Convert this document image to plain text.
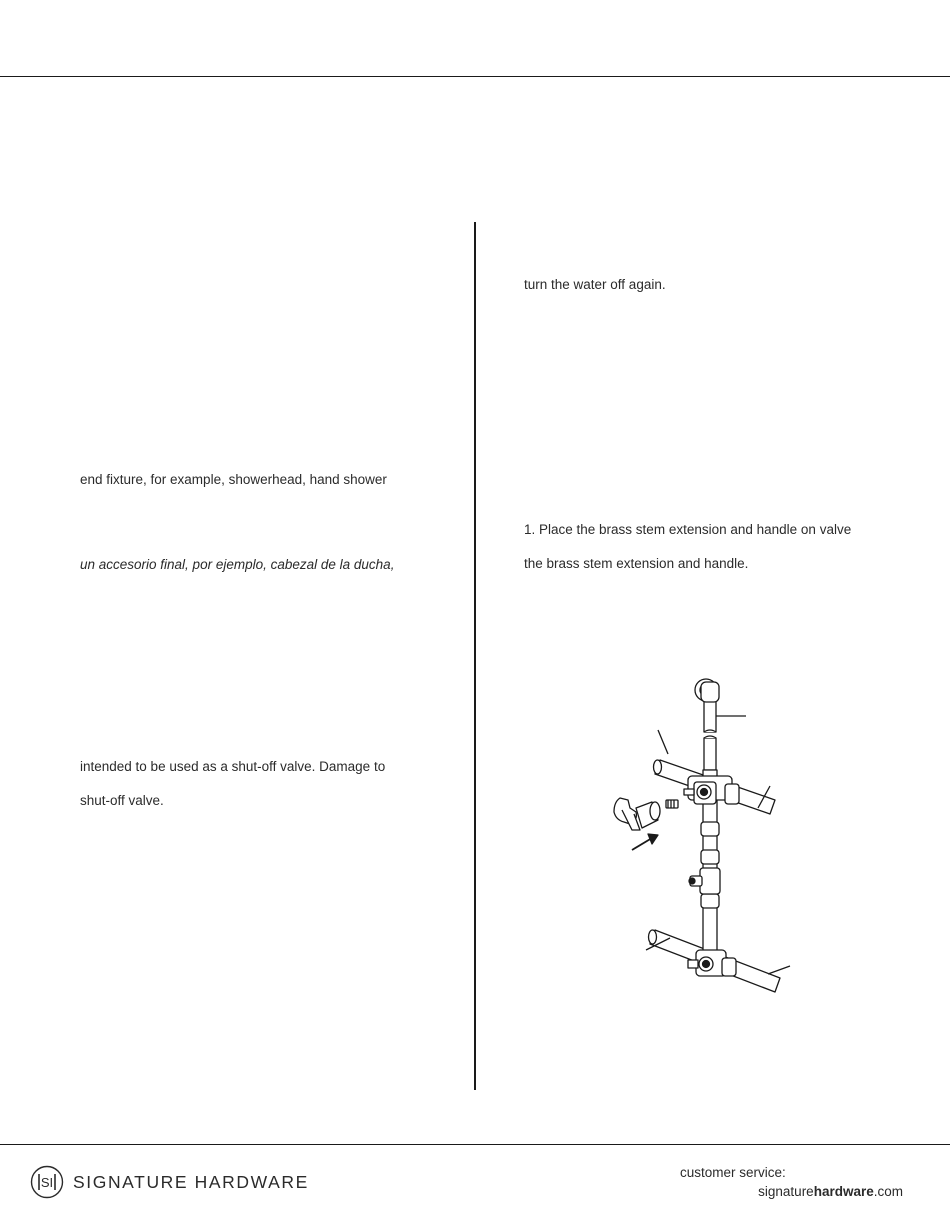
end fixture, for example, showerhead, hand shower
un accesorio final, por ejemplo, cabezal de la ducha,
intended to be used as a shut-off valve. Damage to
shut-off valve.
turn the water off again.
1. Place the brass stem extension and handle on valve
the brass stem extension and handle.
SI SIGNATURE HARDWARE	customer service:
signaturehardware.com
